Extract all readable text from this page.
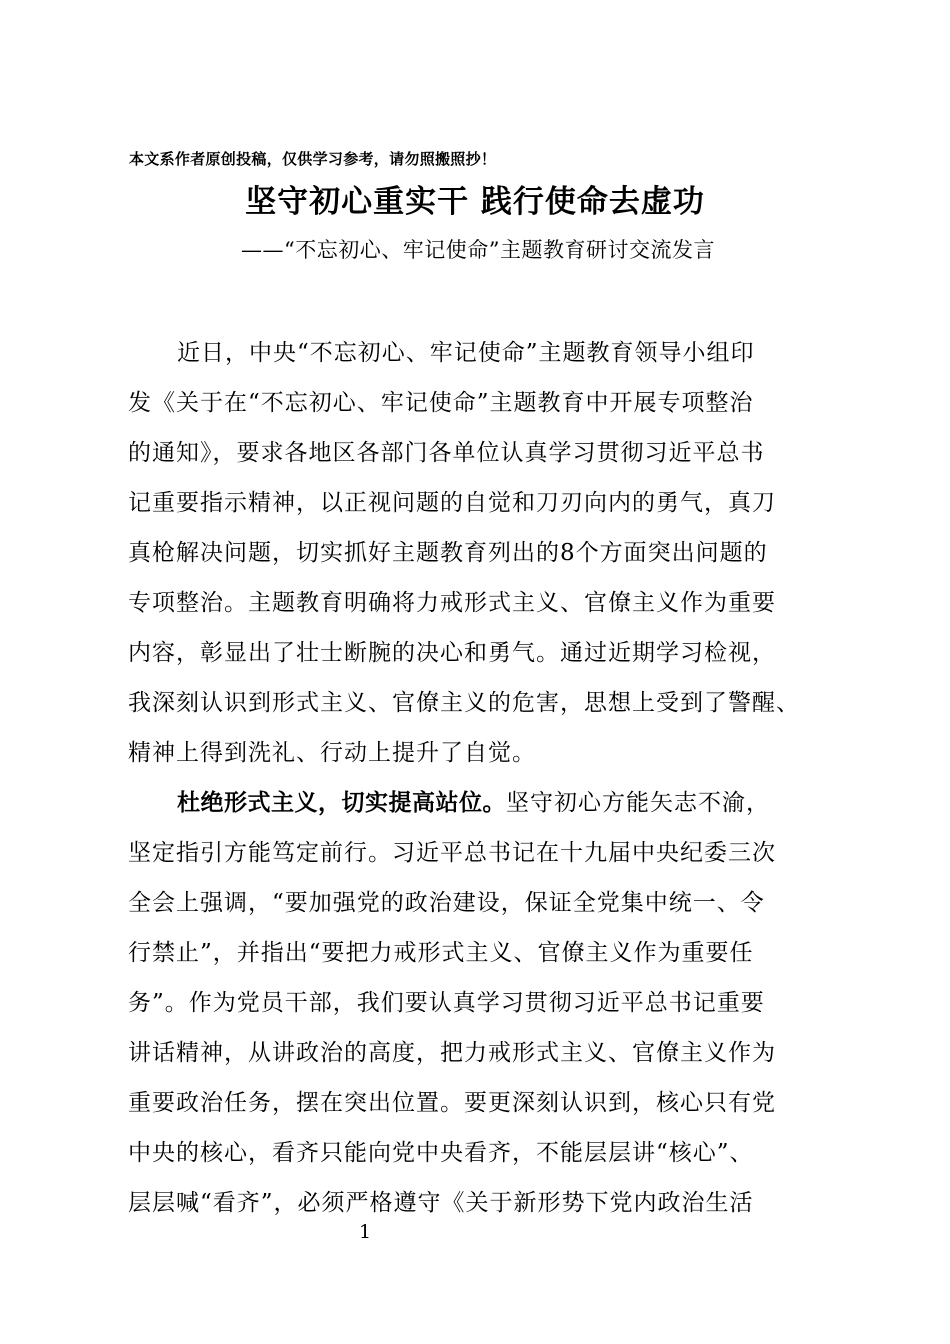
本文系作者原创投稿，仅供学习参考，请勿照搬照抄！
坚守初心重实干 践行使命去虚功
——“不忘初心、牢记使命”主题教育研讨交流发言
近日，中央“不忘初心、牢记使命”主题教育领导小组印
发《关于在“不忘初心、牢记使命”主题教育中开展专项整治
的通知》，要求各地区各部门各单位认真学习贯彻习近平总书
记重要指示精神，以正视问题的自觉和刀刃向内的勇气，真刀
真枪解决问题，切实抓好主题教育列出的8个方面突出问题的
专项整治。主题教育明确将力戒形式主义、官僚主义作为重要
内容，彰显出了壮士断腕的决心和勇气。通过近期学习检视，
我深刻认识到形式主义、官僚主义的危害，思想上受到了警醒、
精神上得到洗礼、行动上提升了自觉。
杜绝形式主义，切实提高站位。坚守初心方能矢志不渝，
坚定指引方能笃定前行。习近平总书记在十九届中央纪委三次
全会上强调，“要加强党的政治建设，保证全党集中统一、令
行禁止”，并指出“要把力戒形式主义、官僚主义作为重要任
务”。作为党员干部，我们要认真学习贯彻习近平总书记重要
讲话精神，从讲政治的高度，把力戒形式主义、官僚主义作为
重要政治任务，摆在突出位置。要更深刻认识到，核心只有党
中央的核心，看齐只能向党中央看齐，不能层层讲“核心”、
层层喊“看齐”，必须严格遵守《关于新形势下党内政治生活
1
